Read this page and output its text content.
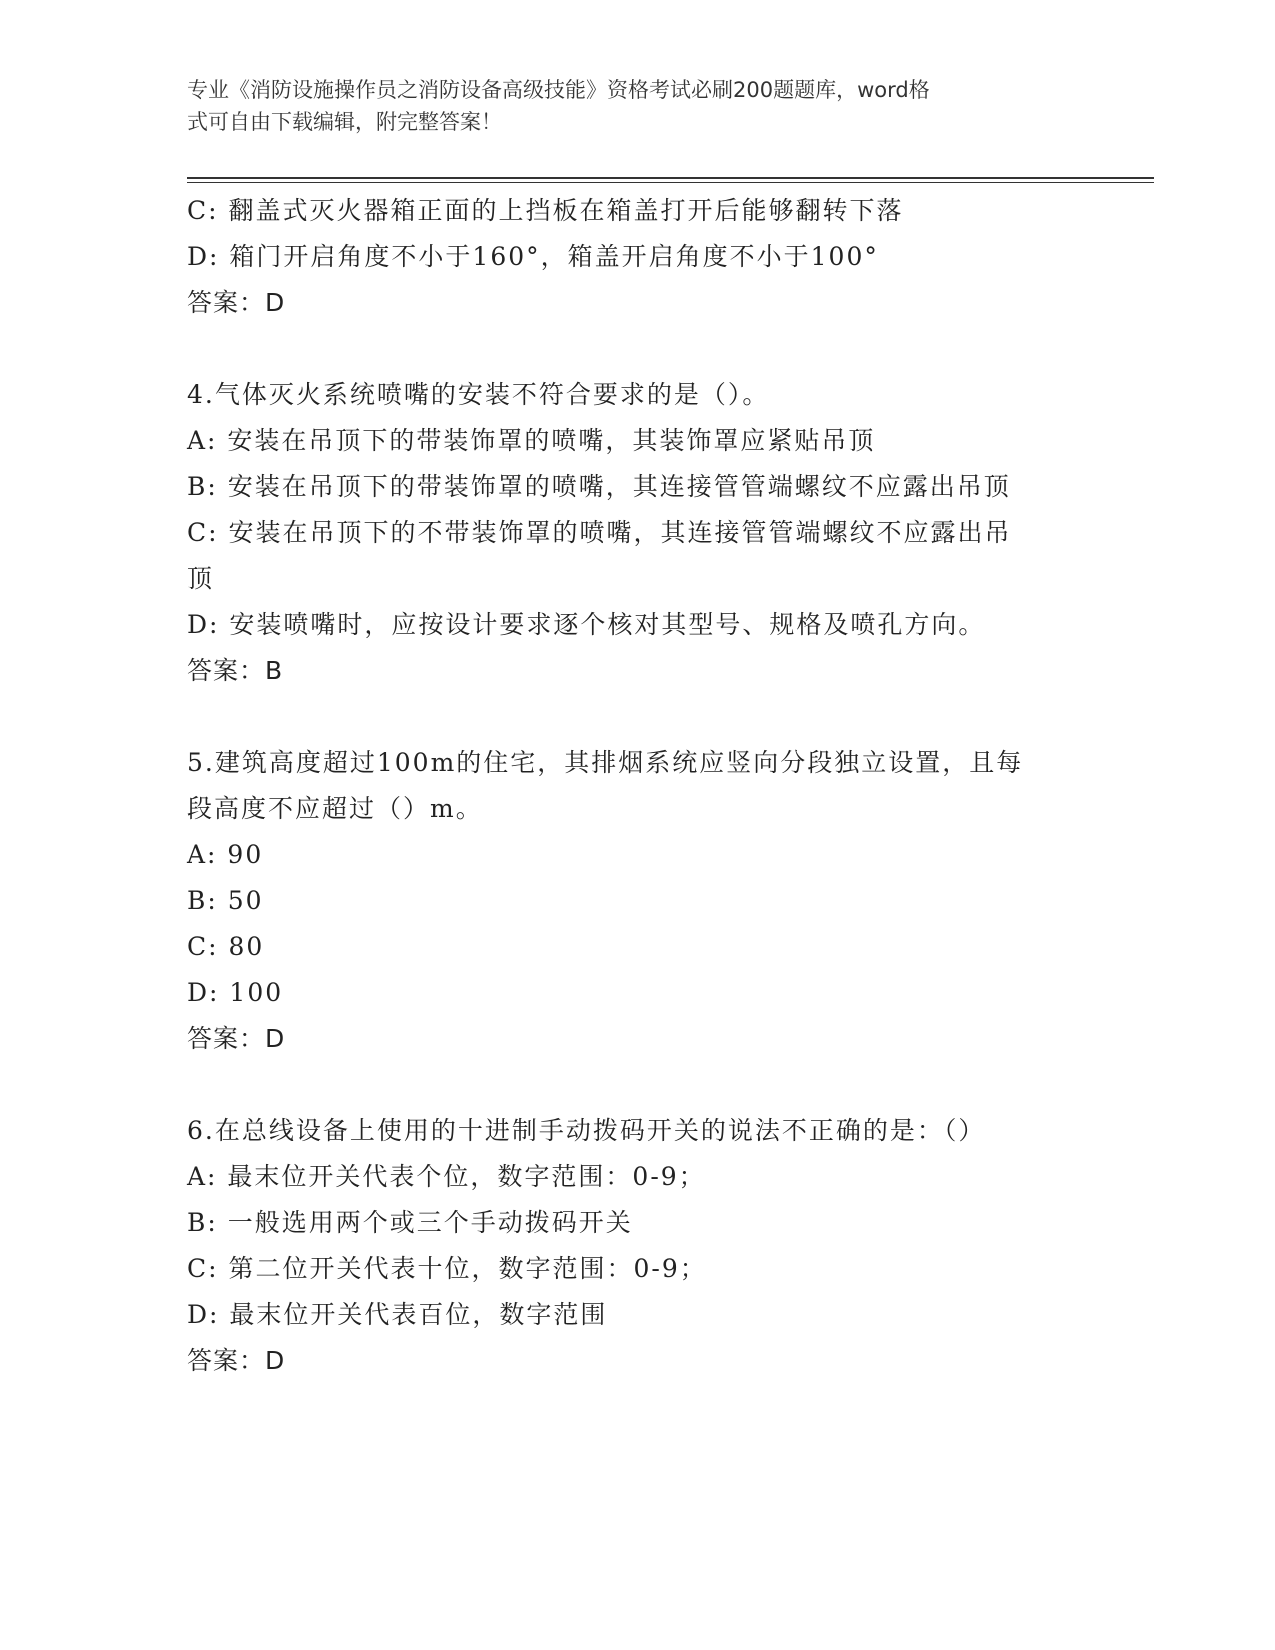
专业《消防设施操作员之消防设备高级技能》资格考试必刷200题题库，word格
式可自由下载编辑，附完整答案！

C: 翻盖式灭火器箱正面的上挡板在箱盖打开后能够翻转下落

D: 箱门开启角度不小于160°，箱盖开启角度不小于100°

答案：D

4.气体灭火系统喷嘴的安装不符合要求的是（）。

A: 安装在吊顶下的带装饰罩的喷嘴，其装饰罩应紧贴吊顶

B: 安装在吊顶下的带装饰罩的喷嘴，其连接管管端螺纹不应露出吊顶

C: 安装在吊顶下的不带装饰罩的喷嘴，其连接管管端螺纹不应露出吊

顶

D: 安装喷嘴时，应按设计要求逐个核对其型号、规格及喷孔方向。

答案：B

5.建筑高度超过100m的住宅，其排烟系统应竖向分段独立设置，且每

段高度不应超过（）m。

A: 90

B: 50

C: 80

D: 100

答案：D

6.在总线设备上使用的十进制手动拨码开关的说法不正确的是：（）

A: 最末位开关代表个位，数字范围：0-9；

B: 一般选用两个或三个手动拨码开关

C: 第二位开关代表十位，数字范围：0-9；

D: 最末位开关代表百位，数字范围

答案：D
